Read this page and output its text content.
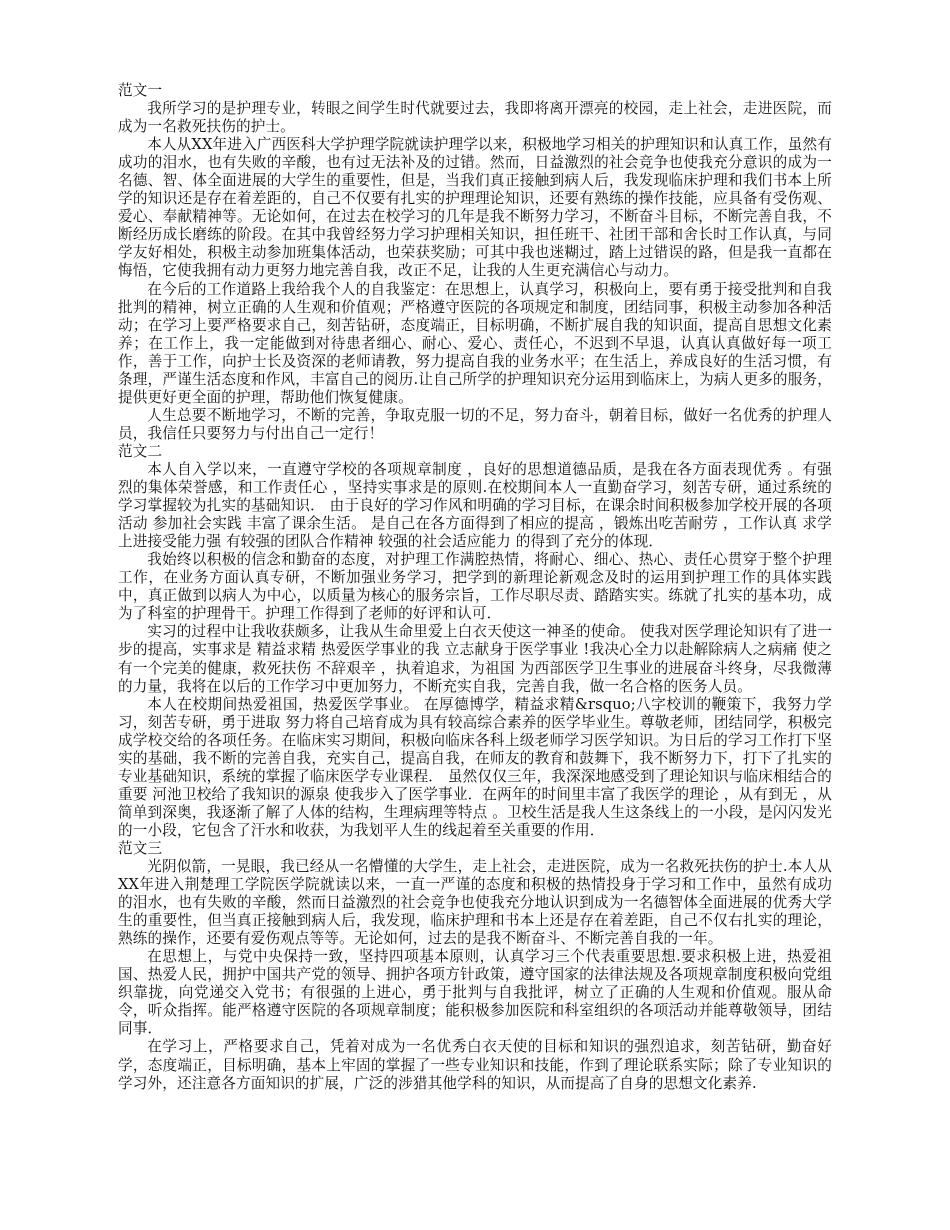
范文一

我所学习的是护理专业，转眼之间学生时代就要过去，我即将离开漂亮的校园，走上社会，走进医院，而成为一名救死扶伤的护士。

本人从XX年进入广西医科大学护理学院就读护理学以来，积极地学习相关的护理知识和认真工作，虽然有成功的泪水，也有失败的辛酸，也有过无法补及的过错。然而，日益激烈的社会竞争也使我充分意识的成为一名德、智、体全面进展的大学生的重要性，但是，当我们真正接触到病人后，我发现临床护理和我们书本上所学的知识还是存在着差距的，自己不仅要有扎实的护理理论知识，还要有熟练的操作技能，应具备有受伤观、爱心、奉献精神等。无论如何，在过去在校学习的几年是我不断努力学习，不断奋斗目标，不断完善自我，不断经历成长磨练的阶段。在其中我曾经努力学习护理相关知识，担任班干、社团干部和舍长时工作认真，与同学友好相处，积极主动参加班集体活动，也荣获奖励；可其中我也迷糊过，踏上过错误的路，但是我一直都在悔悟，它使我拥有动力更努力地完善自我，改正不足，让我的人生更充满信心与动力。

在今后的工作道路上我给我个人的自我鉴定：在思想上，认真学习，积极向上，要有勇于接受批判和自我批判的精神，树立正确的人生观和价值观；严格遵守医院的各项规定和制度，团结同事，积极主动参加各种活动；在学习上要严格要求自己，刻苦钻研，态度端正，目标明确，不断扩展自我的知识面，提高自思想文化素养；在工作上，我一定能做到对待患者细心、耐心、爱心、责任心，不迟到不早退，认真认真做好每一项工作，善于工作，向护士长及资深的老师请教，努力提高自我的业务水平；在生活上，养成良好的生活习惯，有条理，严谨生活态度和作风，丰富自己的阅历.让自己所学的护理知识充分运用到临床上，为病人更多的服务，提供更好更全面的护理，帮助他们恢复健康。

人生总要不断地学习，不断的完善，争取克服一切的不足，努力奋斗，朝着目标，做好一名优秀的护理人员，我信任只要努力与付出自己一定行！

范文二

本人自入学以来，一直遵守学校的各项规章制度 ，良好的思想道德品质，是我在各方面表现优秀 。有强烈的集体荣誉感，和工作责任心 ，坚持实事求是的原则.在校期间本人一直勤奋学习，刻苦专研，通过系统的学习掌握较为扎实的基础知识． 由于良好的学习作风和明确的学习目标，在课余时间积极参加学校开展的各项活动 参加社会实践 丰富了课余生活。 是自己在各方面得到了相应的提高 ，锻炼出吃苦耐劳 ，工作认真 求学上进接受能力强 有较强的团队合作精神 较强的社会适应能力 的得到了充分的体现．

我始终以积极的信念和勤奋的态度，对护理工作满腔热情，将耐心、细心、热心、责任心贯穿于整个护理工作，在业务方面认真专研，不断加强业务学习，把学到的新理论新观念及时的运用到护理工作的具体实践中，真正做到以病人为中心，以质量为核心的服务宗旨，工作尽职尽责、踏踏实实。练就了扎实的基本功，成为了科室的护理骨干。护理工作得到了老师的好评和认可．

实习的过程中让我收获颇多，让我从生命里爱上白衣天使这一神圣的使命。 使我对医学理论知识有了进一步的提高，实事求是 精益求精 热爱医学事业的我 立志献身于医学事业 !我决心全力以赴解除病人之病痛 使之有一个完美的健康，救死扶伤 不辞艰辛 ，执着追求，为祖国 为西部医学卫生事业的进展奋斗终身，尽我微薄的力量，我将在以后的工作学习中更加努力，不断充实自我，完善自我，做一名合格的医务人员。

本人在校期间热爱祖国，热爱医学事业。 在厚德博学，精益求精&rsquo;八字校训的鞭策下，我努力学习，刻苦专研，勇于进取 努力将自己培育成为具有较高综合素养的医学毕业生。尊敬老师，团结同学，积极完成学校交给的各项任务。在临床实习期间，积极向临床各科上级老师学习医学知识。为日后的学习工作打下坚实的基础，我不断的完善自我，充实自己，提高自我，在师友的教育和鼓舞下，我不断努力下，打下了扎实的专业基础知识，系统的掌握了临床医学专业课程． 虽然仅仅三年，我深深地感受到了理论知识与临床相结合的重要 河池卫校给了我知识的源泉 使我步入了医学事业．在两年的时间里丰富了我医学的理论 ，从有到无 ，从简单到深奥，我逐渐了解了人体的结构，生理病理等特点 。卫校生活是我人生这条线上的一小段，是闪闪发光的一小段，它包含了汗水和收获，为我划平人生的线起着至关重要的作用．

范文三

光阴似箭，一晃眼，我已经从一名懵懂的大学生，走上社会，走进医院，成为一名救死扶伤的护士.本人从XX年进入荆楚理工学院医学院就读以来，一直一严谨的态度和积极的热情投身于学习和工作中，虽然有成功的泪水，也有失败的辛酸，然而日益激烈的社会竞争也使我充分地认识到成为一名德智体全面进展的优秀大学生的重要性，但当真正接触到病人后，我发现，临床护理和书本上还是存在着差距，自己不仅右扎实的理论，熟练的操作，还要有爱伤观点等等。无论如何，过去的是我不断奋斗、不断完善自我的一年。

在思想上，与党中央保持一致，坚持四项基本原则，认真学习三个代表重要思想.要求积极上进，热爱祖国、热爱人民，拥护中国共产党的领导、拥护各项方针政策，遵守国家的法律法规及各项规章制度积极向党组织靠拢，向党递交入党书；有很强的上进心，勇于批判与自我批评，树立了正确的人生观和价值观。服从命令，听众指挥。能严格遵守医院的各项规章制度；能积极参加医院和科室组织的各项活动并能尊敬领导，团结同事．

在学习上，严格要求自己，凭着对成为一名优秀白衣天使的目标和知识的强烈追求，刻苦钻研，勤奋好学，态度端正，目标明确，基本上牢固的掌握了一些专业知识和技能，作到了理论联系实际；除了专业知识的学习外，还注意各方面知识的扩展，广泛的涉猎其他学科的知识，从而提高了自身的思想文化素养.
